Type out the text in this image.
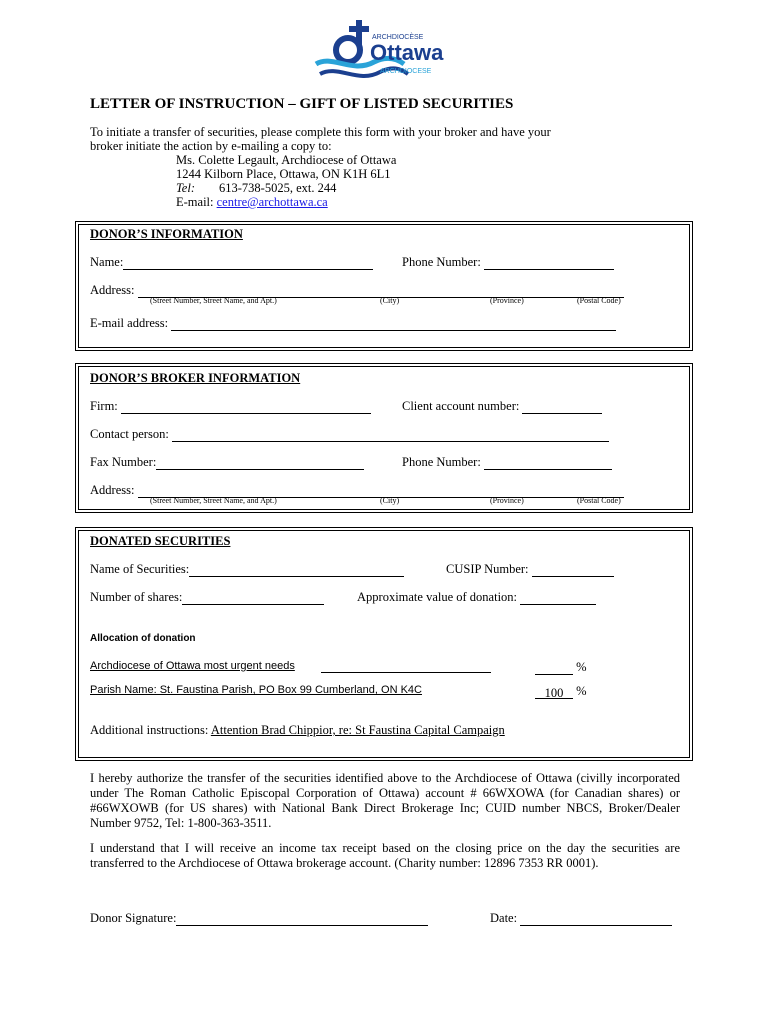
ARCHDIOCÈSE
Ottawa
ARCHDIOCESE
LETTER OF INSTRUCTION – GIFT OF LISTED SECURITIES
To initiate a transfer of securities, please complete this form with your broker and have your
broker initiate the action by e-mailing a copy to:
Ms. Colette Legault, Archdiocese of Ottawa
1244 Kilborn Place, Ottawa, ON K1H 6L1
Tel: 613-738-5025, ext. 244
E-mail: centre@archottawa.ca
DONOR’S INFORMATION
Name:	Phone Number:
Address:
(Street Number, Street Name, and Apt.)	(City)	(Province)	(Postal Code)
E-mail address:
DONOR’S BROKER INFORMATION
Firm:	Client account number:
Contact person:
Fax Number:	Phone Number:
Address:
(Street Number, Street Name, and Apt.)	(City)	(Province)	(Postal Code)
DONATED SECURITIES
Name of Securities:	CUSIP Number:
Number of shares:	Approximate value of donation:
Allocation of donation
Archdiocese of Ottawa most urgent needs	%
Parish Name: St. Faustina Parish, PO Box 99 Cumberland, ON K4C	100 %
Additional instructions: Attention Brad Chippior, re: St Faustina Capital Campaign
I hereby authorize the transfer of the securities identified above to the Archdiocese of Ottawa (civilly incorporated under The Roman Catholic Episcopal Corporation of Ottawa) account # 66WXOWA (for Canadian shares) or #66WXOWB (for US shares) with National Bank Direct Brokerage Inc; CUID number NBCS, Broker/Dealer Number 9752, Tel: 1-800-363-3511.
I understand that I will receive an income tax receipt based on the closing price on the day the securities are transferred to the Archdiocese of Ottawa brokerage account. (Charity number: 12896 7353 RR 0001).
Donor Signature:	Date:
